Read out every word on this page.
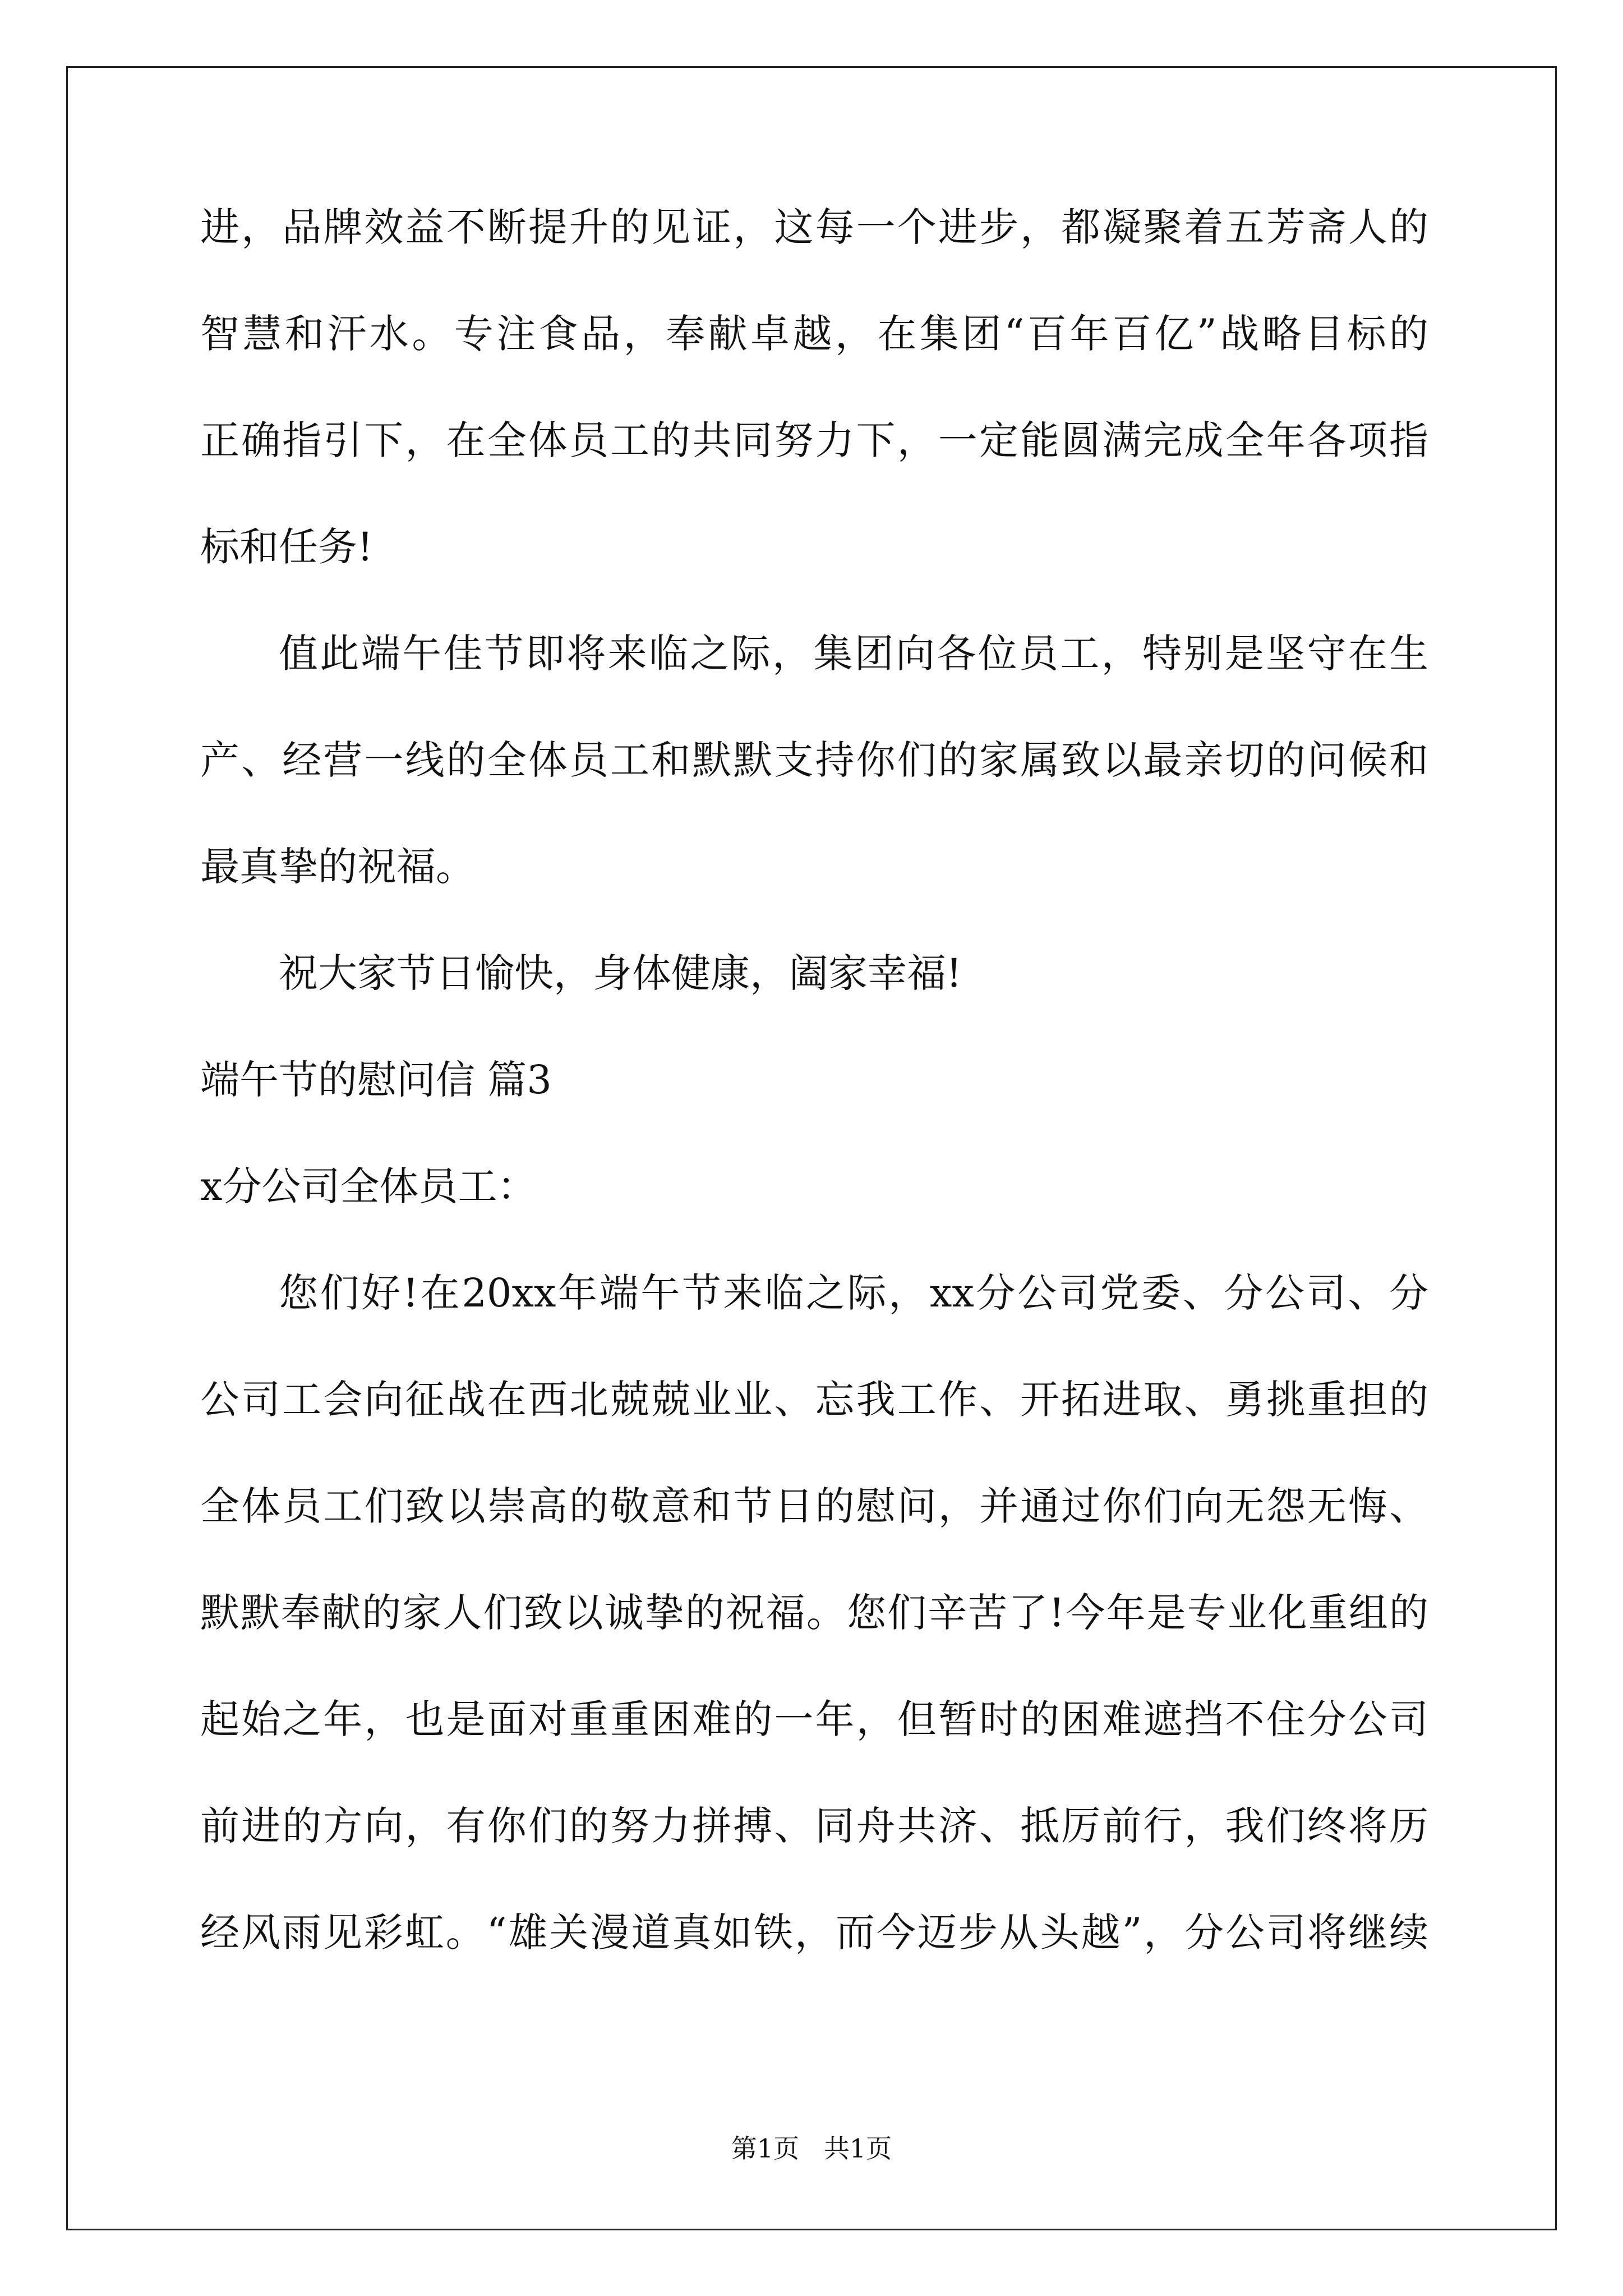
进，品牌效益不断提升的见证，这每一个进步，都凝聚着五芳斋人的
智慧和汗水。专注食品，奉献卓越，在集团“百年百亿”战略目标的
正确指引下，在全体员工的共同努力下，一定能圆满完成全年各项指
标和任务!
值此端午佳节即将来临之际，集团向各位员工，特别是坚守在生
产、经营一线的全体员工和默默支持你们的家属致以最亲切的问候和
最真挚的祝福。
祝大家节日愉快，身体健康，阖家幸福!
端午节的慰问信 篇3
x分公司全体员工：
您们好!在20xx年端午节来临之际，xx分公司党委、分公司、分
公司工会向征战在西北兢兢业业、忘我工作、开拓进取、勇挑重担的
全体员工们致以崇高的敬意和节日的慰问，并通过你们向无怨无悔、
默默奉献的家人们致以诚挚的祝福。您们辛苦了!今年是专业化重组的
起始之年，也是面对重重困难的一年，但暂时的困难遮挡不住分公司
前进的方向，有你们的努力拼搏、同舟共济、抵厉前行，我们终将历
经风雨见彩虹。“雄关漫道真如铁，而今迈步从头越”，分公司将继续
第1页   共1页
